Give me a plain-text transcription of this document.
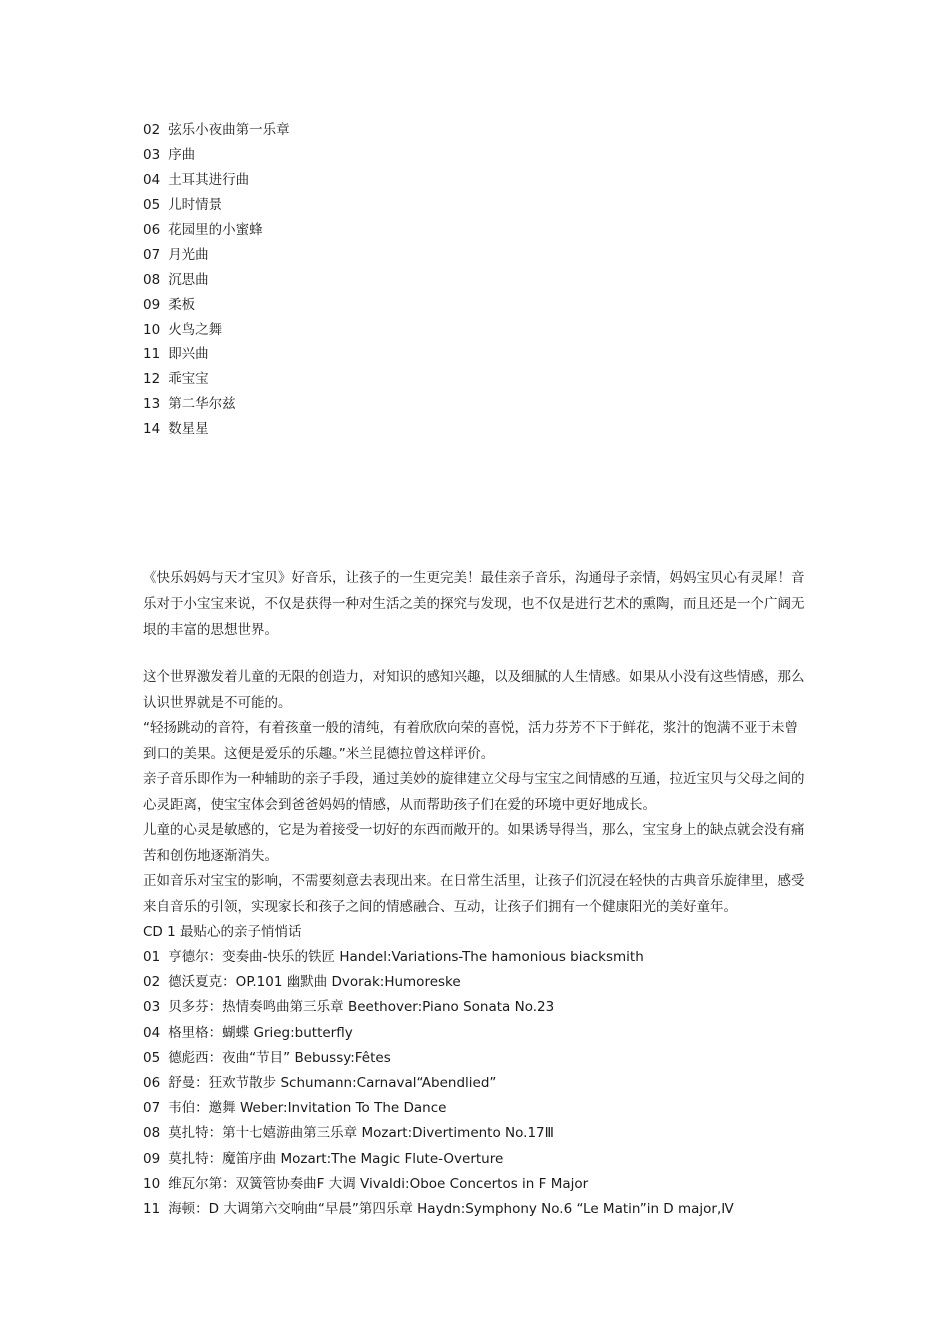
02 弦乐小夜曲第一乐章
03 序曲
04 土耳其进行曲
05 儿时情景
06 花园里的小蜜蜂
07 月光曲
08 沉思曲
09 柔板
10 火鸟之舞
11 即兴曲
12 乖宝宝
13 第二华尔兹
14 数星星

《快乐妈妈与天才宝贝》好音乐，让孩子的一生更完美！最佳亲子音乐，沟通母子亲情，妈妈宝贝心有灵犀！音乐对于小宝宝来说，不仅是获得一种对生活之美的探究与发现，也不仅是进行艺术的熏陶，而且还是一个广阔无垠的丰富的思想世界。

这个世界激发着儿童的无限的创造力，对知识的感知兴趣，以及细腻的人生情感。如果从小没有这些情感，那么认识世界就是不可能的。

“轻扬跳动的音符，有着孩童一般的清纯，有着欣欣向荣的喜悦，活力芬芳不下于鲜花，浆汁的饱满不亚于未曾到口的美果。这便是爱乐的乐趣。”米兰昆德拉曾这样评价。

亲子音乐即作为一种辅助的亲子手段，通过美妙的旋律建立父母与宝宝之间情感的互通，拉近宝贝与父母之间的心灵距离，使宝宝体会到爸爸妈妈的情感，从而帮助孩子们在爱的环境中更好地成长。

儿童的心灵是敏感的，它是为着接受一切好的东西而敞开的。如果诱导得当，那么，宝宝身上的缺点就会没有痛苦和创伤地逐渐消失。

正如音乐对宝宝的影响，不需要刻意去表现出来。在日常生活里，让孩子们沉浸在轻快的古典音乐旋律里，感受来自音乐的引领，实现家长和孩子之间的情感融合、互动，让孩子们拥有一个健康阳光的美好童年。

CD 1 最贴心的亲子悄悄话
01 亨德尔：变奏曲-快乐的铁匠 Handel:Variations-The hamonious biacksmith
02 德沃夏克：OP.101 幽默曲 Dvorak:Humoreske
03 贝多芬：热情奏鸣曲第三乐章 Beethover:Piano Sonata No.23
04 格里格：蝴蝶 Grieg:butterfly
05 德彪西：夜曲“节目” Bebussy:Fêtes
06 舒曼：狂欢节散步 Schumann:Carnaval“Abendlied”
07 韦伯：邀舞 Weber:Invitation To The Dance
08 莫扎特：第十七嬉游曲第三乐章 Mozart:Divertimento No.17Ⅲ
09 莫扎特：魔笛序曲 Mozart:The Magic Flute-Overture
10 维瓦尔第：双簧管协奏曲F 大调 Vivaldi:Oboe Concertos in F Major
11 海顿：D 大调第六交响曲“早晨”第四乐章 Haydn:Symphony No.6 “Le Matin”in D major,Ⅳ
